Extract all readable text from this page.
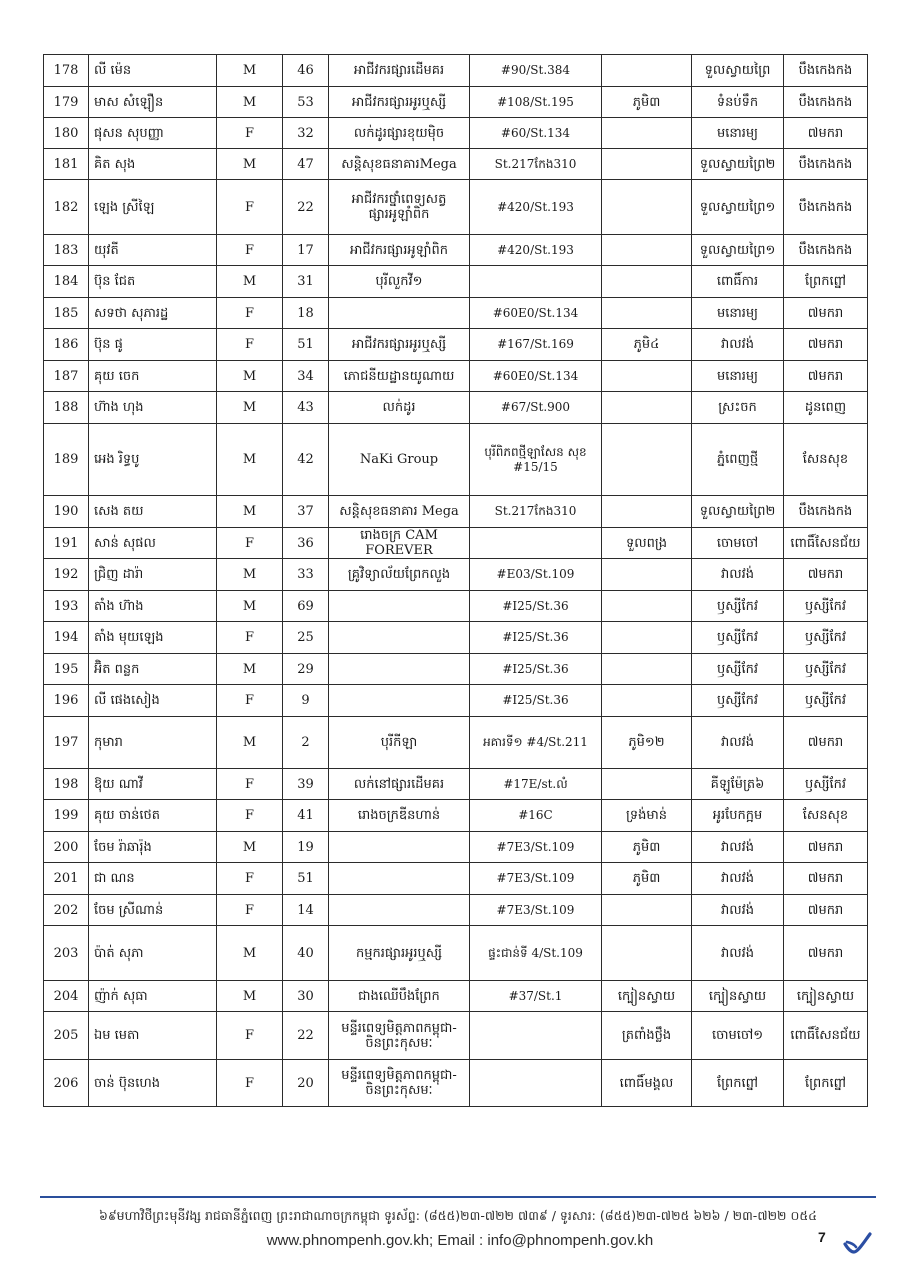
178	លី ម៉េន	M	46	អាជីវករផ្សារដើមគរ	#90/St.384		ទួលស្វាយព្រៃ	បឹងកេងកង
179	មាស សំឡឿន	M	53	អាជីវករផ្សារអូរឬស្សី	#108/St.195	ភូមិ៣	ទំនប់ទឹក	បឹងកេងកង
180	ផុសន សុបញ្ញា	F	32	លក់ដូរផ្សារខុយម៉ិច	#60/St.134		មនោរម្យ	៧មករា
181	គិត សុង	M	47	សន្តិសុខធនាគារMega	St.217កែង310		ទួលស្វាយព្រៃ២	បឹងកេងកង
182	ឡេង ស្រីឡៃ	F	22	អាជីវករថ្នាំពេទ្យសត្វ ផ្សារអូឡាំពិក	#420/St.193		ទួលស្វាយព្រៃ១	បឹងកេងកង
183	យុវតី	F	17	អាជីវករផ្សារអូឡាំពិក	#420/St.193		ទួលស្វាយព្រៃ១	បឹងកេងកង
184	ប៊ុន ជែត	M	31	បុរីលួកវី១			ពោធិ៍ការ	ព្រែកព្នៅ
185	សទថា សុភារដ្ឋ	F	18		#60E0/St.134		មនោរម្យ	៧មករា
186	ប៊ុន ផូ	F	51	អាជីវករផ្សារអូរឬស្សី	#167/St.169	ភូមិ៤	វាលវង់	៧មករា
187	គុយ ចេក	M	34	ភោជនីយដ្ឋានយូណាយ	#60E0/St.134		មនោរម្យ	៧មករា
188	ហ៊ាង ហុង	M	43	លក់ដូរ	#67/St.900		ស្រះចក	ដូនពេញ
189	អេង រិទ្ធបូ	M	42	NaKi Group	បុរីពិភពថ្មីឡាសែន សុខ #15/15		ភ្នំពេញថ្មី	សែនសុខ
190	សេង តយ	M	37	សន្តិសុខធនាគារ Mega	St.217កែង310		ទួលស្វាយព្រៃ២	បឹងកេងកង
191	សាន់ សុផល	F	36	រោងចក្រ CAM FOREVER		ទួលពង្រ	ចោមចៅ	ពោធិ៍សែនជ័យ
192	ជ្រិញ ដារ៉ា	M	33	គ្រូវិទ្យាល័យព្រែកលួង	#E03/St.109		វាលវង់	៧មករា
193	តាំង ហ៊ាង	M	69		#I25/St.36		ឫស្សីកែវ	ឫស្សីកែវ
194	តាំង មុយឡេង	F	25		#I25/St.36		ឫស្សីកែវ	ឫស្សីកែវ
195	អ៊ិត ពន្លក	M	29		#I25/St.36		ឫស្សីកែវ	ឫស្សីកែវ
196	លី ផេងសៀង	F	9		#I25/St.36		ឫស្សីកែវ	ឫស្សីកែវ
197	កុមារា	M	2	បុរីកីឡា	អគារទី១ #4/St.211	ភូមិ១២	វាលវង់	៧មករា
198	ឱុយ ណាវី	F	39	លក់នៅផ្សារដើមគរ	#17E/st.លំ		គីឡូម៉ែត្រ៦	ឫស្សីកែវ
199	គុយ ចាន់ថេត	F	41	រោងចក្រឌីនហាន់	#16C	ទ្រង់មាន់	អូរបែកក្អម	សែនសុខ
200	ចែម រ៉ាឆារ៉ុង	M	19		#7E3/St.109	ភូមិ៣	វាលវង់	៧មករា
201	ជា ណន	F	51		#7E3/St.109	ភូមិ៣	វាលវង់	៧មករា
202	ចែម ស្រីណាន់	F	14		#7E3/St.109		វាលវង់	៧មករា
203	ប៉ាត់ សុភា	M	40	កម្មករផ្សារអូរឬស្សី	ផ្ទះជាន់ទី 4/St.109		វាលវង់	៧មករា
204	ញ៉ាក់ សុធា	M	30	ជាងឈើបឹងព្រែក	#37/St.1	ក្បៀនស្វាយ	ក្បៀនស្វាយ	ក្បៀនស្វាយ
205	ឯម មេតា	F	22	មន្ទីរពេទ្យមិត្តភាពកម្ពុជា- ចិនព្រះកុសមៈ		ត្រពាំងថ្លឹង	ចោមចៅ១	ពោធិ៍សែនជ័យ
206	ចាន់ ប៊ុនហេង	F	20	មន្ទីរពេទ្យមិត្តភាពកម្ពុជា- ចិនព្រះកុសមៈ		ពោធិ៍មង្គល	ព្រែកព្នៅ	ព្រែកព្នៅ
៦៩មហាវិថីព្រះមុនីវង្ស រាជធានីភ្នំពេញ ព្រះរាជាណាចក្រកម្ពុជា ទូរស័ព្ទ: (៨៥៥)២៣-៧២២ ៧៣៩ / ទូរសារ: (៨៥៥)២៣-៧២៥ ៦២៦ / ២៣-៧២២ ០៥៤
www.phnompenh.gov.kh; Email : info@phnompenh.gov.kh	7
